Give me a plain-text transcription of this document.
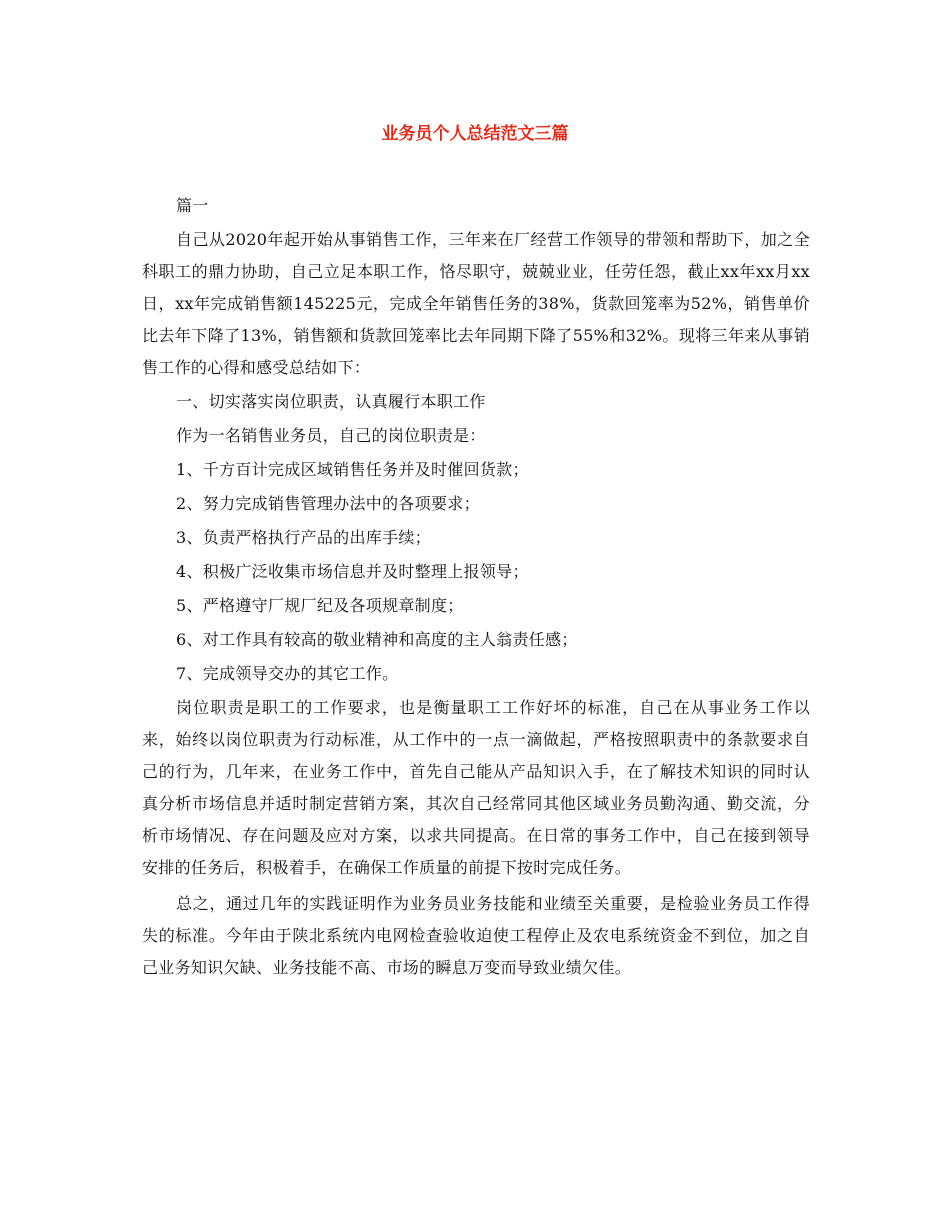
业务员个人总结范文三篇

篇一

自己从2020年起开始从事销售工作，三年来在厂经营工作领导的带领和帮助下，加之全科职工的鼎力协助，自己立足本职工作，恪尽职守，兢兢业业，任劳任怨，截止xx年xx月xx日，xx年完成销售额145225元，完成全年销售任务的38%，货款回笼率为52%，销售单价比去年下降了13%，销售额和货款回笼率比去年同期下降了55%和32%。现将三年来从事销售工作的心得和感受总结如下：

一、切实落实岗位职责，认真履行本职工作

作为一名销售业务员，自己的岗位职责是：

1、千方百计完成区域销售任务并及时催回货款；

2、努力完成销售管理办法中的各项要求；

3、负责严格执行产品的出库手续；

4、积极广泛收集市场信息并及时整理上报领导；

5、严格遵守厂规厂纪及各项规章制度；

6、对工作具有较高的敬业精神和高度的主人翁责任感；

7、完成领导交办的其它工作。

岗位职责是职工的工作要求，也是衡量职工工作好坏的标准，自己在从事业务工作以来，始终以岗位职责为行动标准，从工作中的一点一滴做起，严格按照职责中的条款要求自己的行为，几年来，在业务工作中，首先自己能从产品知识入手，在了解技术知识的同时认真分析市场信息并适时制定营销方案，其次自己经常同其他区域业务员勤沟通、勤交流，分析市场情况、存在问题及应对方案，以求共同提高。在日常的事务工作中，自己在接到领导安排的任务后，积极着手，在确保工作质量的前提下按时完成任务。

总之，通过几年的实践证明作为业务员业务技能和业绩至关重要，是检验业务员工作得失的标准。今年由于陕北系统内电网检查验收迫使工程停止及农电系统资金不到位，加之自己业务知识欠缺、业务技能不高、市场的瞬息万变而导致业绩欠佳。
